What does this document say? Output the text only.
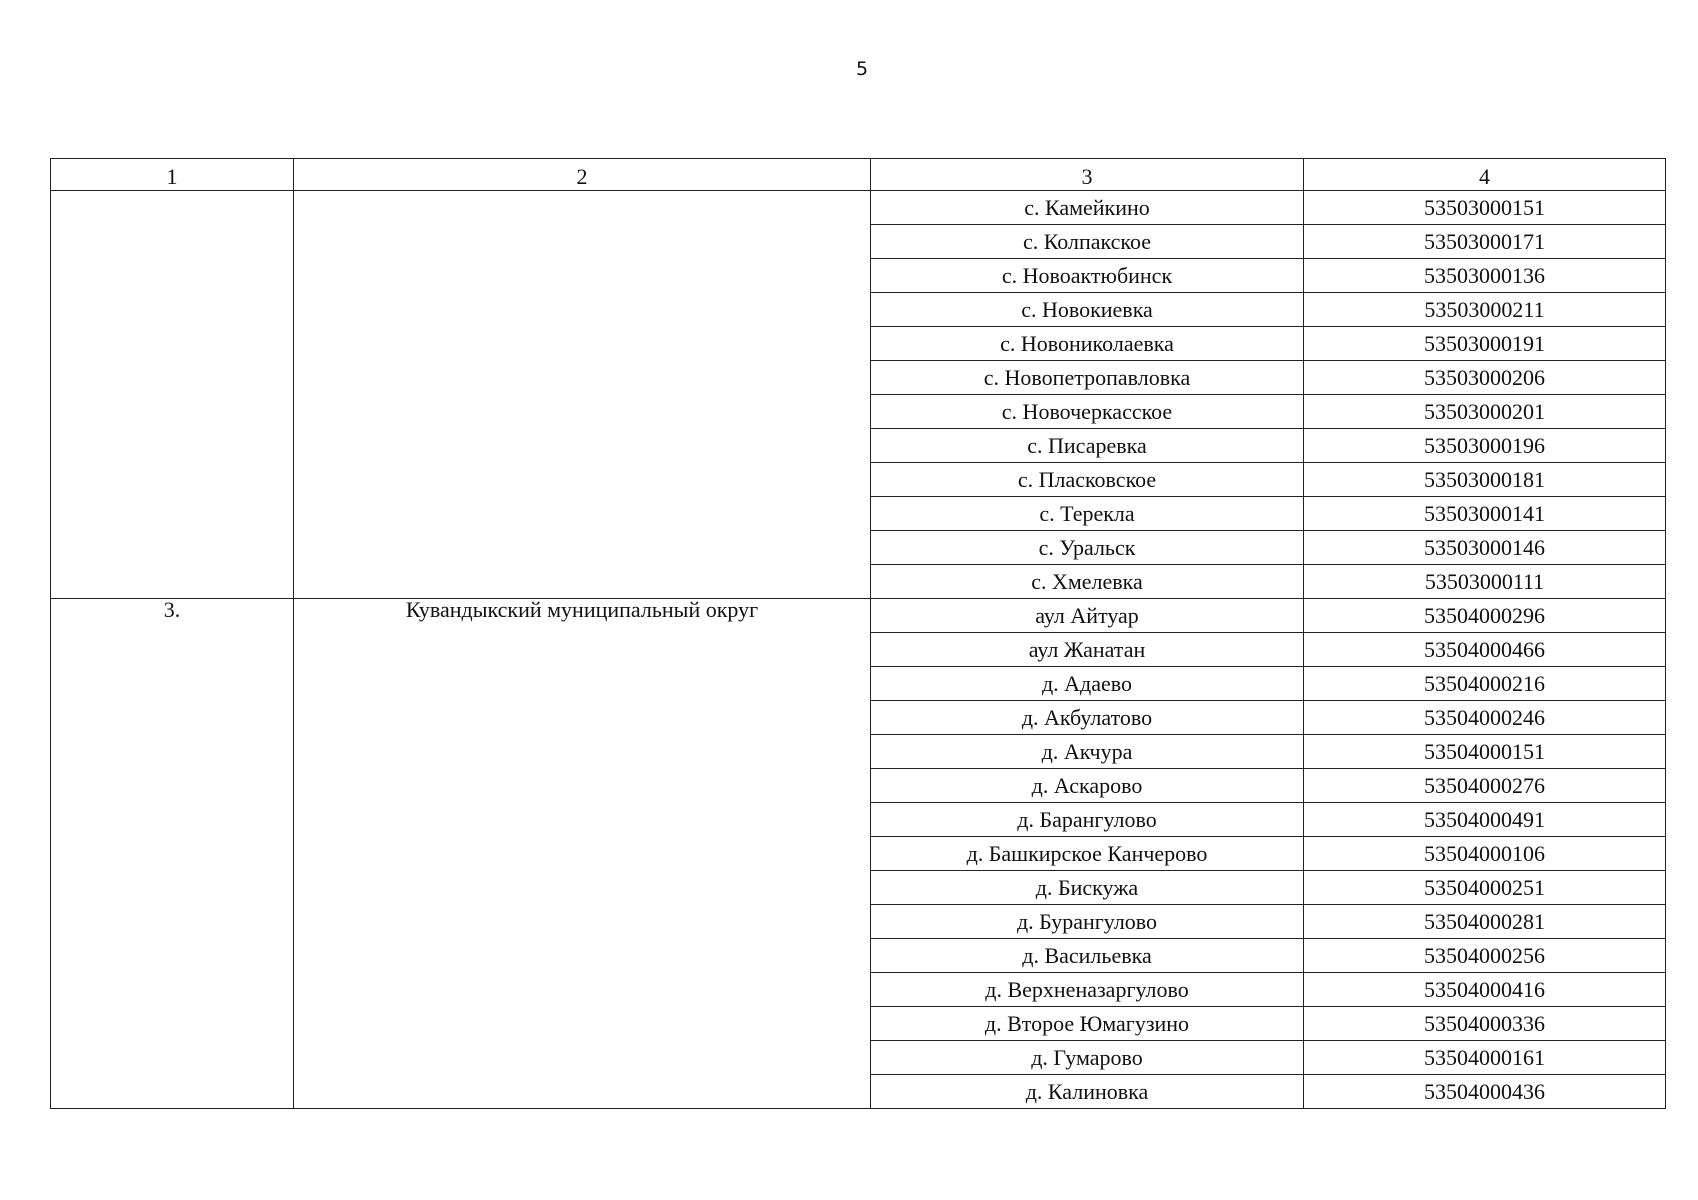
5
1	2	3	4
		с. Камейкино	53503000151
		с. Колпакское	53503000171
		с. Новоактюбинск	53503000136
		с. Новокиевка	53503000211
		с. Новониколаевка	53503000191
		с. Новопетропавловка	53503000206
		с. Новочеркасское	53503000201
		с. Писаревка	53503000196
		с. Пласковское	53503000181
		с. Терекла	53503000141
		с. Уральск	53503000146
		с. Хмелевка	53503000111
3.	Кувандыкский муниципальный округ	аул Айтуар	53504000296
		аул Жанатан	53504000466
		д. Адаево	53504000216
		д. Акбулатово	53504000246
		д. Акчура	53504000151
		д. Аскарово	53504000276
		д. Барангулово	53504000491
		д. Башкирское Канчерово	53504000106
		д. Бискужа	53504000251
		д. Бурангулово	53504000281
		д. Васильевка	53504000256
		д. Верхненазаргулово	53504000416
		д. Второе Юмагузино	53504000336
		д. Гумарово	53504000161
		д. Калиновка	53504000436
